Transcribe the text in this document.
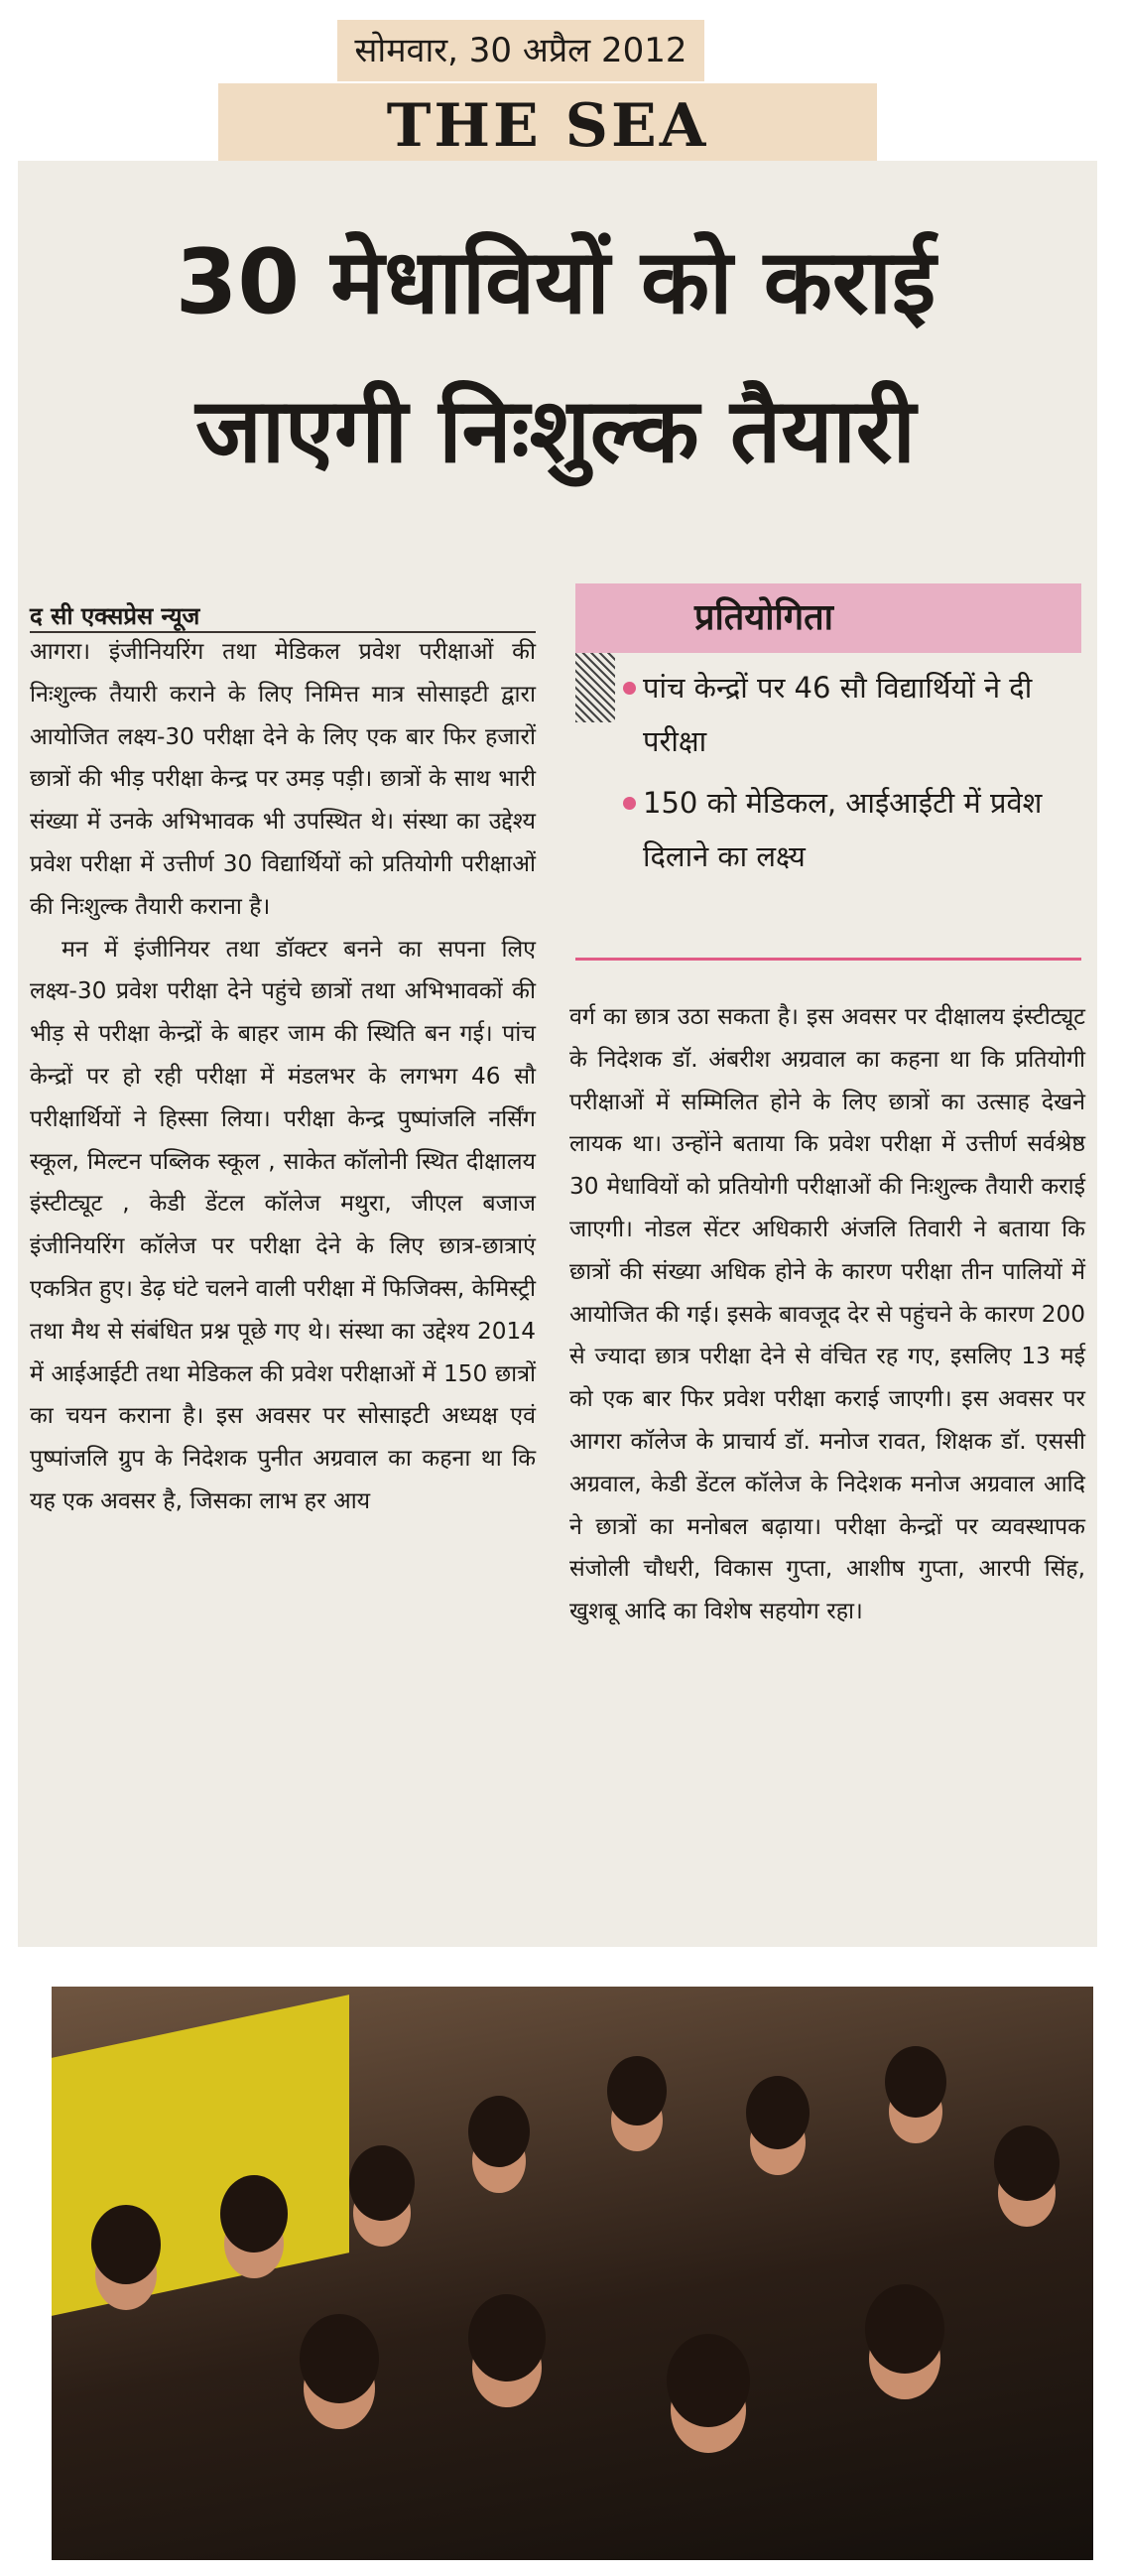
सोमवार, 30 अप्रैल 2012
THE SEA
30 मेधावियों को कराई
जाएगी निःशुल्क तैयारी
द सी एक्सप्रेस न्यूज

आगरा। इंजीनियरिंग तथा मेडिकल प्रवेश परीक्षाओं की निःशुल्क तैयारी कराने के लिए निमित्त मात्र सोसाइटी द्वारा आयोजित लक्ष्य-30 परीक्षा देने के लिए एक बार फिर हजारों छात्रों की भीड़ परीक्षा केन्द्र पर उमड़ पड़ी। छात्रों के साथ भारी संख्या में उनके अभिभावक भी उपस्थित थे। संस्था का उद्देश्य प्रवेश परीक्षा में उत्तीर्ण 30 विद्यार्थियों को प्रतियोगी परीक्षाओं की निःशुल्क तैयारी कराना है।

मन में इंजीनियर तथा डॉक्टर बनने का सपना लिए लक्ष्य-30 प्रवेश परीक्षा देने पहुंचे छात्रों तथा अभिभावकों की भीड़ से परीक्षा केन्द्रों के बाहर जाम की स्थिति बन गई। पांच केन्द्रों पर हो रही परीक्षा में मंडलभर के लगभग 46 सौ परीक्षार्थियों ने हिस्सा लिया। परीक्षा केन्द्र पुष्पांजलि नर्सिंग स्कूल, मिल्टन पब्लिक स्कूल , साकेत कॉलोनी स्थित दीक्षालय इंस्टीट्यूट , केडी डेंटल कॉलेज मथुरा, जीएल बजाज इंजीनियरिंग कॉलेज पर परीक्षा देने के लिए छात्र-छात्राएं एकत्रित हुए। डेढ़ घंटे चलने वाली परीक्षा में फिजिक्स, केमिस्ट्री तथा मैथ से संबंधित प्रश्न पूछे गए थे। संस्था का उद्देश्य 2014 में आईआईटी तथा मेडिकल की प्रवेश परीक्षाओं में 150 छात्रों का चयन कराना है। इस अवसर पर सोसाइटी अध्यक्ष एवं पुष्पांजलि ग्रुप के निदेशक पुनीत अग्रवाल का कहना था कि यह एक अवसर है, जिसका लाभ हर आय

प्रतियोगिता
पांच केन्द्रों पर 46 सौ विद्यार्थियों ने दी परीक्षा
150 को मेडिकल, आईआईटी में प्रवेश दिलाने का लक्ष्य

वर्ग का छात्र उठा सकता है। इस अवसर पर दीक्षालय इंस्टीट्यूट के निदेशक डॉ. अंबरीश अग्रवाल का कहना था कि प्रतियोगी परीक्षाओं में सम्मिलित होने के लिए छात्रों का उत्साह देखने लायक था। उन्होंने बताया कि प्रवेश परीक्षा में उत्तीर्ण सर्वश्रेष्ठ 30 मेधावियों को प्रतियोगी परीक्षाओं की निःशुल्क तैयारी कराई जाएगी। नोडल सेंटर अधिकारी अंजलि तिवारी ने बताया कि छात्रों की संख्या अधिक होने के कारण परीक्षा तीन पालियों में आयोजित की गई। इसके बावजूद देर से पहुंचने के कारण 200 से ज्यादा छात्र परीक्षा देने से वंचित रह गए, इसलिए 13 मई को एक बार फिर प्रवेश परीक्षा कराई जाएगी। इस अवसर पर आगरा कॉलेज के प्राचार्य डॉ. मनोज रावत, शिक्षक डॉ. एससी अग्रवाल, केडी डेंटल कॉलेज के निदेशक मनोज अग्रवाल आदि ने छात्रों का मनोबल बढ़ाया। परीक्षा केन्द्रों पर व्यवस्थापक संजोली चौधरी, विकास गुप्ता, आशीष गुप्ता, आरपी सिंह, खुशबू आदि का विशेष सहयोग रहा।
